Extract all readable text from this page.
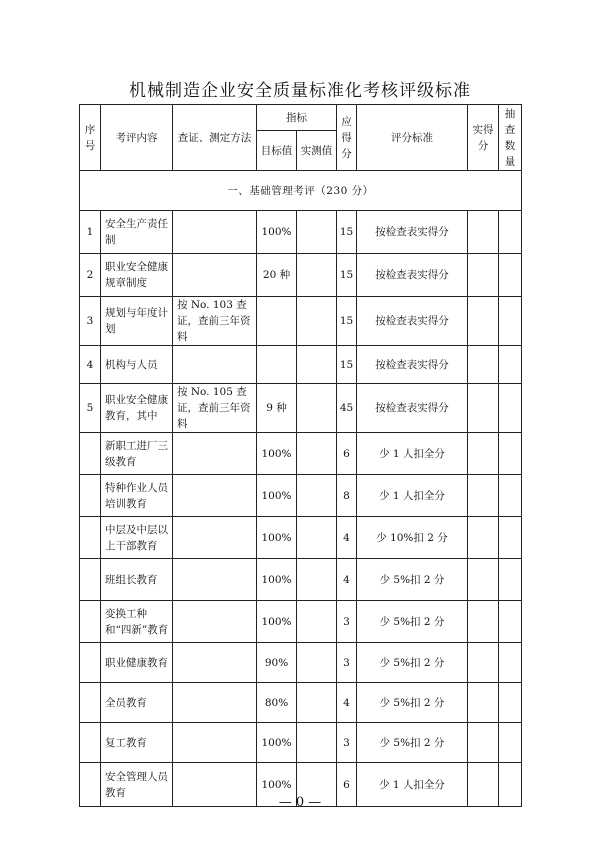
机械制造企业安全质量标准化考核评级标准
序号	考评内容	查证、测定方法	指标		应得分	评分标准	实得分	抽查数量
			目标值	实测值				
一、基础管理考评（230 分）								
1	安全生产责任制		100%		15	按检查表实得分		
2	职业安全健康规章制度		20 种		15	按检查表实得分		
3	规划与年度计划	按 No. 103 查证，查前三年资料			15	按检查表实得分		
4	机构与人员				15	按检查表实得分		
5	职业安全健康教育，其中	按 No. 105 查证，查前三年资料	9 种		45	按检查表实得分		
	新职工进厂三级教育		100%		6	少 1 人扣全分		
	特种作业人员培训教育		100%		8	少 1 人扣全分		
	中层及中层以上干部教育		100%		4	少 10%扣 2 分		
	班组长教育		100%		4	少 5%扣 2 分		
	变换工种和“四新”教育		100%		3	少 5%扣 2 分		
	职业健康教育		90%		3	少 5%扣 2 分		
	全员教育		80%		4	少 5%扣 2 分		
	复工教育		100%		3	少 5%扣 2 分		
	安全管理人员教育		100%		6	少 1 人扣全分		
— 0 —
